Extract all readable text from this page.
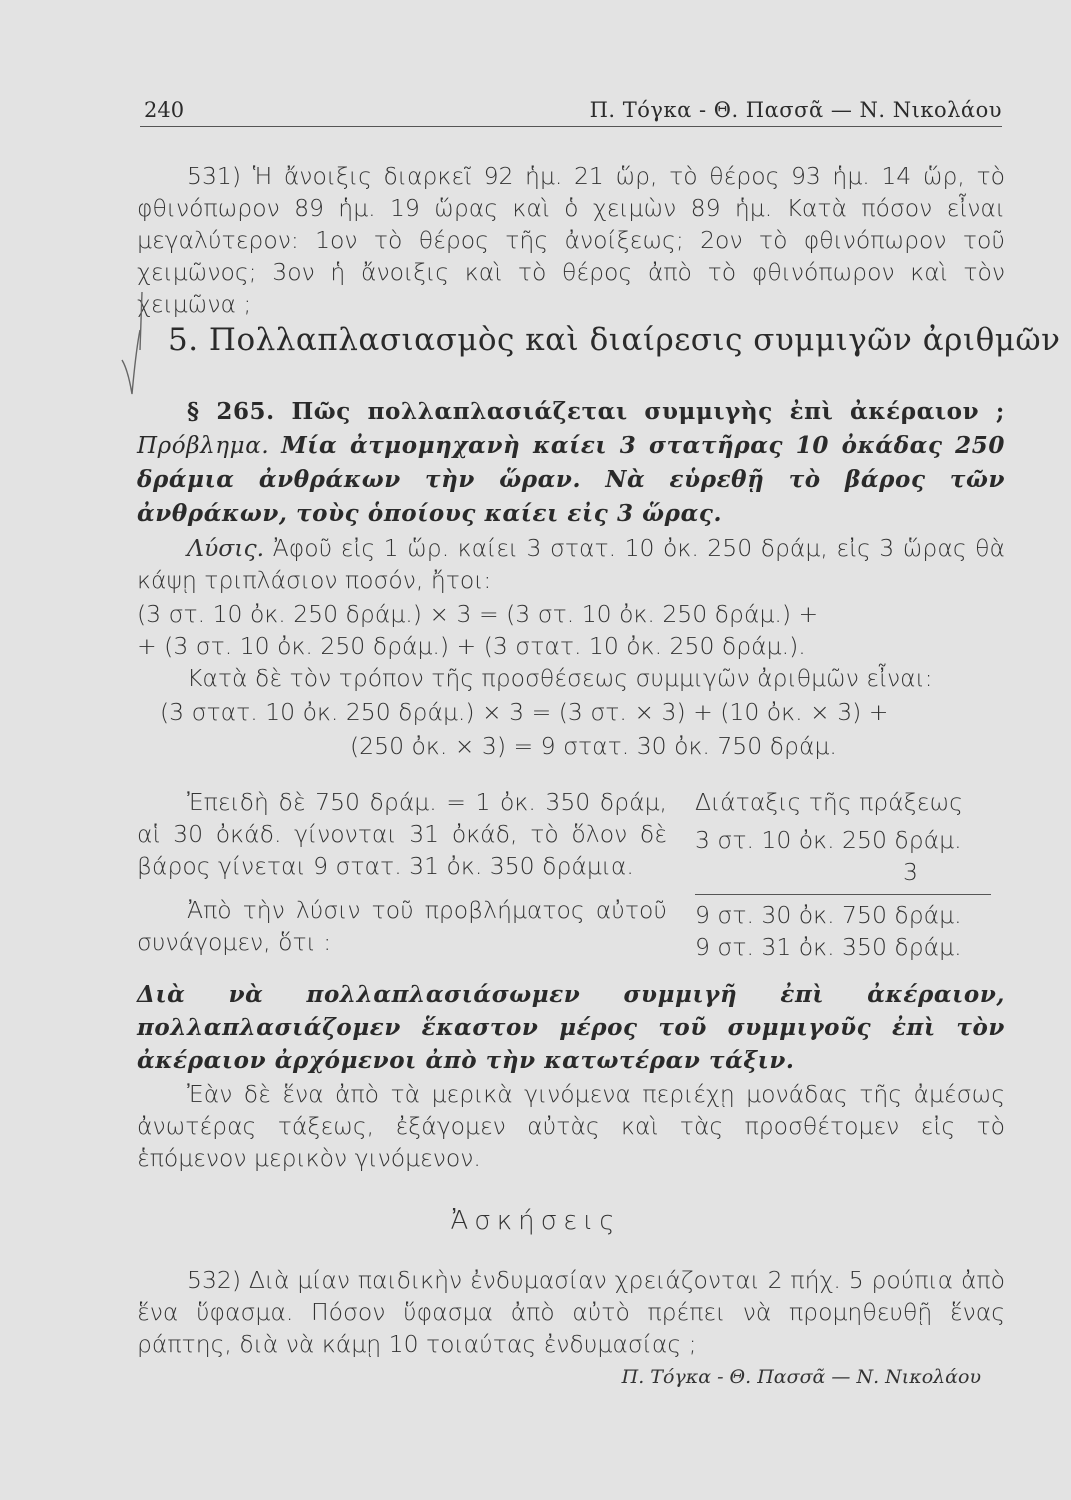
240	Π. Τόγκα - Θ. Πασσᾶ — Ν. Νικολάου
531) Ἡ ἄνοιξις διαρκεῖ 92 ἡμ. 21 ὥρ, τὸ θέρος 93 ἡμ. 14 ὥρ, τὸ φθινόπωρον 89 ἡμ. 19 ὥρας καὶ ὁ χειμὼν 89 ἡμ. Κατὰ πόσον εἶναι μεγαλύτερον: 1ον τὸ θέρος τῆς ἀνοίξεως; 2ον τὸ φθινόπωρον τοῦ χειμῶνος; 3ον ἡ ἄνοιξις καὶ τὸ θέρος ἀπὸ τὸ φθινόπωρον καὶ τὸν χειμῶνα ;
5. Πολλαπλασιασμὸς καὶ διαίρεσις συμμιγῶν ἀριθμῶν
§ 265. Πῶς πολλαπλασιάζεται συμμιγὴς ἐπὶ ἀκέραιον ; Πρόβλημα. Μία ἀτμομηχανὴ καίει 3 στατῆρας 10 ὀκάδας 250 δράμια ἀνθράκων τὴν ὥραν. Νὰ εὑρεθῇ τὸ βάρος τῶν ἀνθράκων, τοὺς ὁποίους καίει εἰς 3 ὥρας.
Λύσις. Ἀφοῦ εἰς 1 ὥρ. καίει 3 στατ. 10 ὀκ. 250 δράμ, εἰς 3 ὥρας θὰ κάψῃ τριπλάσιον ποσόν, ἤτοι:
(3 στ. 10 ὀκ. 250 δράμ.) × 3 = (3 στ. 10 ὀκ. 250 δράμ.) +
+ (3 στ. 10 ὀκ. 250 δράμ.) + (3 στατ. 10 ὀκ. 250 δράμ.).
Κατὰ δὲ τὸν τρόπον τῆς προσθέσεως συμμιγῶν ἀριθμῶν εἶναι:
(3 στατ. 10 ὀκ. 250 δράμ.) × 3 = (3 στ. × 3) + (10 ὀκ. × 3) +
(250 ὀκ. × 3) = 9 στατ. 30 ὀκ. 750 δράμ.
Ἐπειδὴ δὲ 750 δράμ. = 1 ὀκ. 350 δράμ, αἱ 30 ὀκάδ. γίνονται 31 ὀκάδ, τὸ ὅλον δὲ βάρος γίνεται 9 στατ. 31 ὀκ. 350 δράμια.
Ἀπὸ τὴν λύσιν τοῦ προβλήματος αὐτοῦ συνάγομεν, ὅτι :
Διάταξις τῆς πράξεως
3 στ. 10 ὀκ. 250 δράμ.
3
9 στ. 30 ὀκ. 750 δράμ.
9 στ. 31 ὀκ. 350 δράμ.
Διὰ νὰ πολλαπλασιάσωμεν συμμιγῆ ἐπὶ ἀκέραιον, πολλαπλασιάζομεν ἕκαστον μέρος τοῦ συμμιγοῦς ἐπὶ τὸν ἀκέραιον ἀρχόμενοι ἀπὸ τὴν κατωτέραν τάξιν.
Ἐὰν δὲ ἕνα ἀπὸ τὰ μερικὰ γινόμενα περιέχῃ μονάδας τῆς ἀμέσως ἀνωτέρας τάξεως, ἐξάγομεν αὐτὰς καὶ τὰς προσθέτομεν εἰς τὸ ἑπόμενον μερικὸν γινόμενον.
Ἀσκήσεις
532) Διὰ μίαν παιδικὴν ἐνδυμασίαν χρειάζονται 2 πήχ. 5 ρούπια ἀπὸ ἕνα ὕφασμα. Πόσον ὕφασμα ἀπὸ αὐτὸ πρέπει νὰ προμηθευθῇ ἕνας ράπτης, διὰ νὰ κάμῃ 10 τοιαύτας ἐνδυμασίας ;
Π. Τόγκα - Θ. Πασσᾶ — Ν. Νικολάου
